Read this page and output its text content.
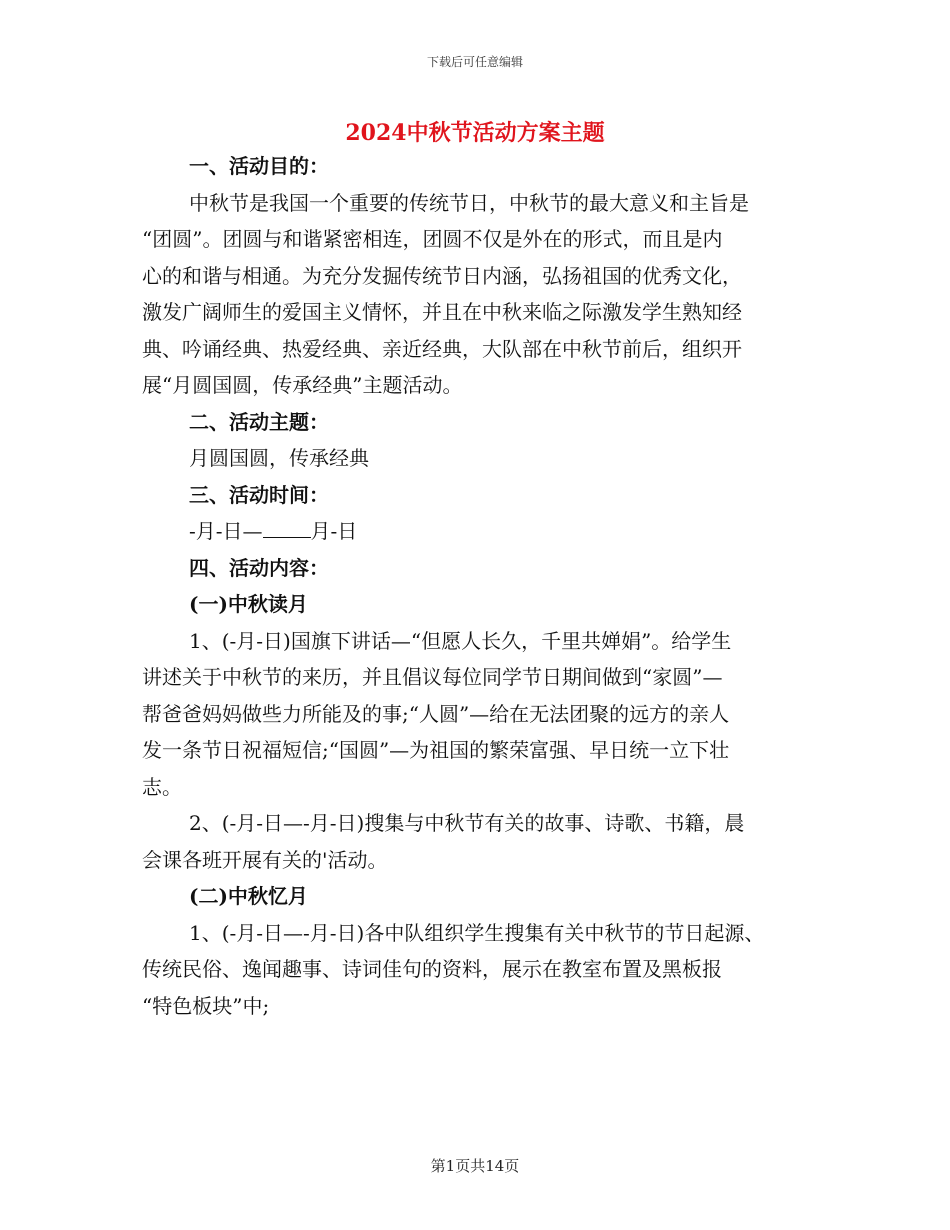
下载后可任意编辑
2024中秋节活动方案主题

一、活动目的：

中秋节是我国一个重要的传统节日，中秋节的最大意义和主旨是

“团圆”。团圆与和谐紧密相连，团圆不仅是外在的形式，而且是内

心的和谐与相通。为充分发掘传统节日内涵，弘扬祖国的优秀文化，

激发广阔师生的爱国主义情怀，并且在中秋来临之际激发学生熟知经

典、吟诵经典、热爱经典、亲近经典，大队部在中秋节前后，组织开

展“月圆国圆，传承经典”主题活动。

二、活动主题：

月圆国圆，传承经典

三、活动时间：

-月-日— 月-日

四、活动内容：

(一)中秋读月

1、(-月-日)国旗下讲话—“但愿人长久，千里共婵娟”。给学生

讲述关于中秋节的来历，并且倡议每位同学节日期间做到“家圆”—

帮爸爸妈妈做些力所能及的事;“人圆”—给在无法团聚的远方的亲人

发一条节日祝福短信;“国圆”—为祖国的繁荣富强、早日统一立下壮

志。

2、(-月-日—-月-日)搜集与中秋节有关的故事、诗歌、书籍，晨

会课各班开展有关的'活动。

(二)中秋忆月

1、(-月-日—-月-日)各中队组织学生搜集有关中秋节的节日起源、

传统民俗、逸闻趣事、诗词佳句的资料，展示在教室布置及黑板报

“特色板块”中;

第1页共14页
